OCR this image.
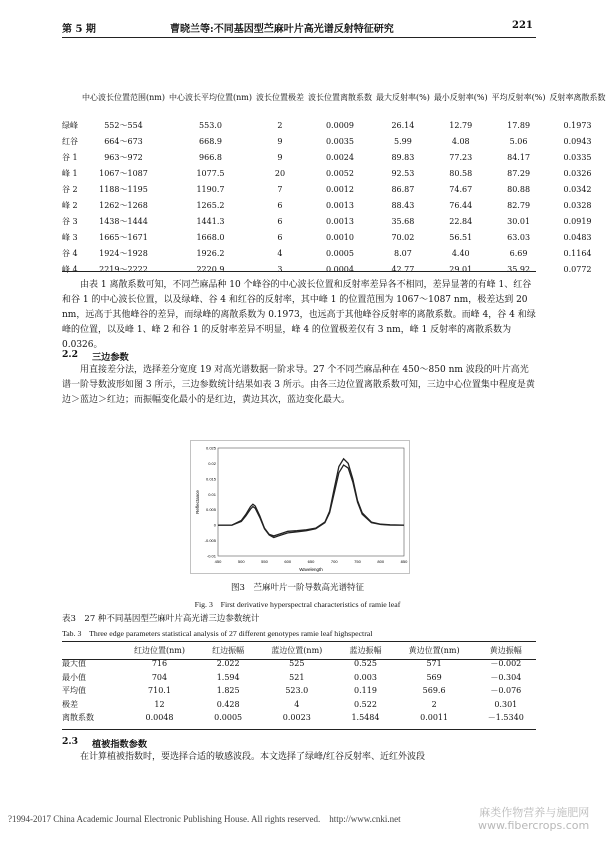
第 5 期	曹晓兰等:不同基因型苎麻叶片高光谱反射特征研究	221
	中心波长位置范围(nm)	中心波长平均位置(nm)	波长位置极差	波长位置离散系数	最大反射率(%)	最小反射率(%)	平均反射率(%)	反射率离散系数
绿峰	552～554	553.0	2	0.0009	26.14	12.79	17.89	0.1973
红谷	664～673	668.9	9	0.0035	5.99	4.08	5.06	0.0943
谷 1	963～972	966.8	9	0.0024	89.83	77.23	84.17	0.0335
峰 1	1067～1087	1077.5	20	0.0052	92.53	80.58	87.29	0.0326
谷 2	1188～1195	1190.7	7	0.0012	86.87	74.67	80.88	0.0342
峰 2	1262～1268	1265.2	6	0.0013	88.43	76.44	82.79	0.0328
谷 3	1438～1444	1441.3	6	0.0013	35.68	22.84	30.01	0.0919
峰 3	1665～1671	1668.0	6	0.0010	70.02	56.51	63.03	0.0483
谷 4	1924～1928	1926.2	4	0.0005	8.07	4.40	6.69	0.1164
峰 4	2219～2222	2220.9	3	0.0004	42.77	29.01	35.92	0.0772
由表 1 离散系数可知，不同苎麻品种 10 个峰谷的中心波长位置和反射率差异各不相同，差异显著的有峰 1、红谷和谷 1 的中心波长位置，以及绿峰、谷 4 和红谷的反射率，其中峰 1 的位置范围为 1067～1087 nm，极差达到 20 nm，远高于其他峰谷的差异，而绿峰的离散系数为 0.1973，也远高于其他峰谷反射率的离散系数。而峰 4，谷 4 和绿峰的位置，以及峰 1、峰 2 和谷 1 的反射率差异不明显，峰 4 的位置极差仅有 3 nm，峰 1 反射率的离散系数为 0.0326。
2.2 三边参数
用直接差分法，选择差分宽度 19 对高光谱数据一阶求导。27 个不同苎麻品种在 450～850 nm 波段的叶片高光谱一阶导数波形如图 3 所示，三边参数统计结果如表 3 所示。由各三边位置离散系数可知，三边中心位置集中程度是黄边＞蓝边＞红边；而振幅变化最小的是红边，黄边其次，蓝边变化最大。
0.025
0.02
0.015
0.01
0.005
0
-0.005
-0.01
450	500	550	600	650	700	750	800	850
Wavelength
Reflectance
图3　苎麻叶片一阶导数高光谱特征
Fig. 3　First derivative hyperspectral characteristics of ramie leaf
表3　27 种不同基因型苎麻叶片高光谱三边参数统计
Tab. 3　Three edge parameters statistical analysis of 27 different genotypes ramie leaf highspectral
	红边位置(nm)	红边振幅	蓝边位置(nm)	蓝边振幅	黄边位置(nm)	黄边振幅
最大值	716	2.022	525	0.525	571	－0.002
最小值	704	1.594	521	0.003	569	－0.304
平均值	710.1	1.825	523.0	0.119	569.6	－0.076
极差	12	0.428	4	0.522	2	0.301
离散系数	0.0048	0.0005	0.0023	1.5484	0.0011	－1.5340
2.3 植被指数参数
在计算植被指数时，要选择合适的敏感波段。本文选择了绿峰/红谷反射率、近红外波段
?1994-2017 China Academic Journal Electronic Publishing House. All rights reserved.　http://www.cnki.net	麻类作物营养与施肥网
www.fibercrops.com
